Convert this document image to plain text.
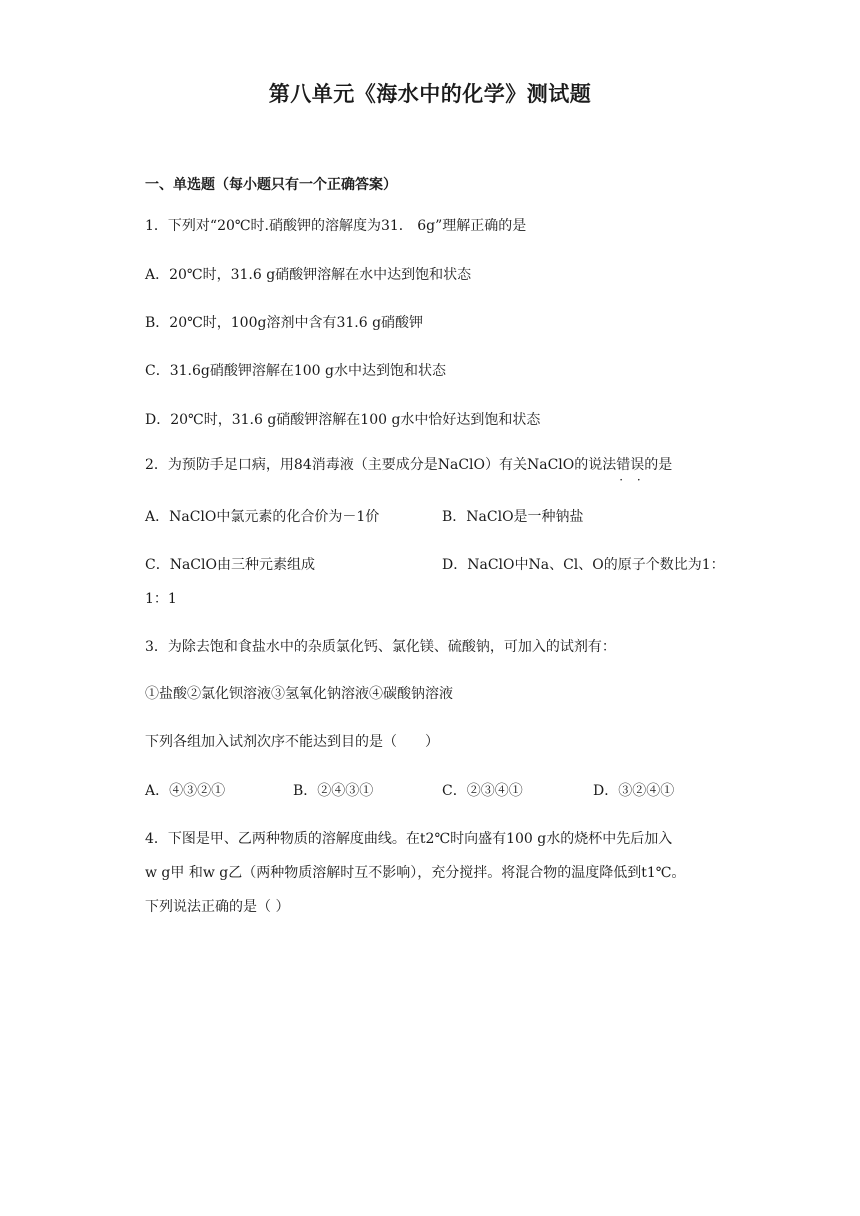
第八单元《海水中的化学》测试题
一、单选题（每小题只有一个正确答案）
1．下列对“20℃时.硝酸钾的溶解度为31． 6g”理解正确的是
A．20℃时，31.6 g硝酸钾溶解在水中达到饱和状态
B．20℃时，100g溶剂中含有31.6 g硝酸钾
C．31.6g硝酸钾溶解在100 g水中达到饱和状态
D．20℃时，31.6 g硝酸钾溶解在100 g水中恰好达到饱和状态
2．为预防手足口病，用84消毒液（主要成分是NaClO）有关NaClO的说法错误 · ·的是
A．NaClO中氯元素的化合价为－1价	B．NaClO是一种钠盐
C．NaClO由三种元素组成	D．NaClO中Na、Cl、O的原子个数比为1：
1：1
3．为除去饱和食盐水中的杂质氯化钙、氯化镁、硫酸钠，可加入的试剂有：
①盐酸②氯化钡溶液③氢氧化钠溶液④碳酸钠溶液
下列各组加入试剂次序不能达到目的是（　　）
A．④③②①	B．②④③①	C．②③④①	D．③②④①
4．下图是甲、乙两种物质的溶解度曲线。在t2℃时向盛有100 g水的烧杯中先后加入
w g甲 和w g乙（两种物质溶解时互不影响），充分搅拌。将混合物的温度降低到t1℃。
下列说法正确的是（ ）
